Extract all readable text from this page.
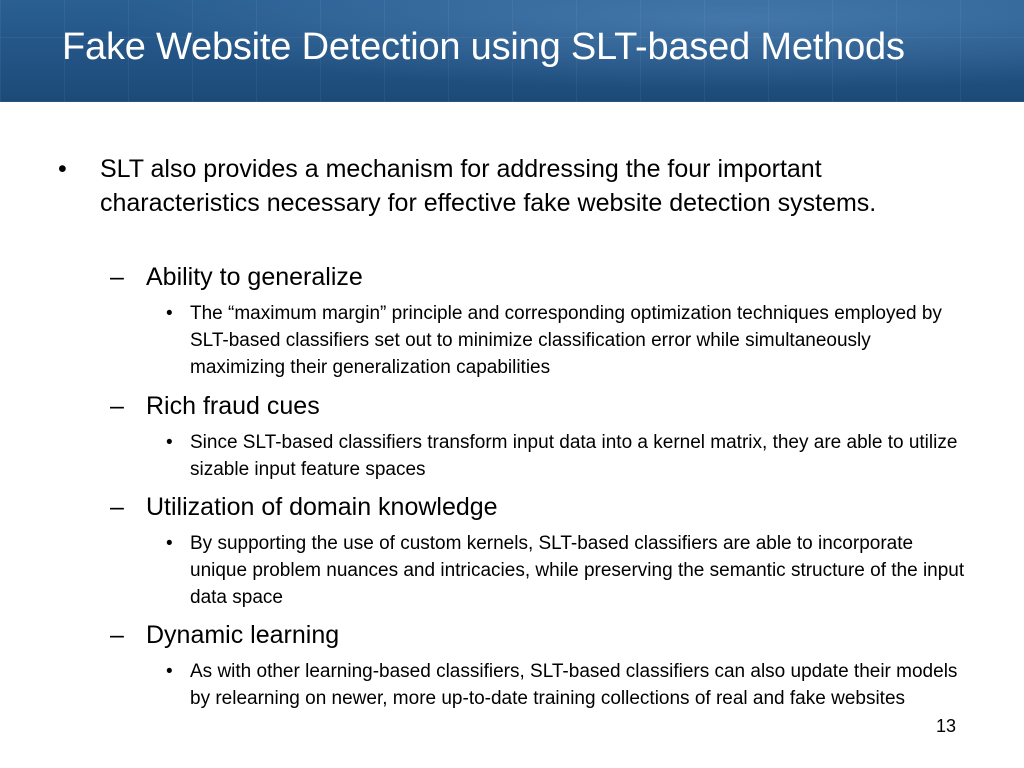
Fake Website Detection using SLT-based Methods
• SLT also provides a mechanism for addressing the four important characteristics necessary for effective fake website detection systems.
– Ability to generalize
• The “maximum margin” principle and corresponding optimization techniques employed by SLT-based classifiers set out to minimize classification error while simultaneously maximizing their generalization capabilities
– Rich fraud cues
• Since SLT-based classifiers transform input data into a kernel matrix, they are able to utilize sizable input feature spaces
– Utilization of domain knowledge
• By supporting the use of custom kernels, SLT-based classifiers are able to incorporate unique problem nuances and intricacies, while preserving the semantic structure of the input data space
– Dynamic learning
• As with other learning-based classifiers, SLT-based classifiers can also update their models by relearning on newer, more up-to-date training collections of real and fake websites
13
